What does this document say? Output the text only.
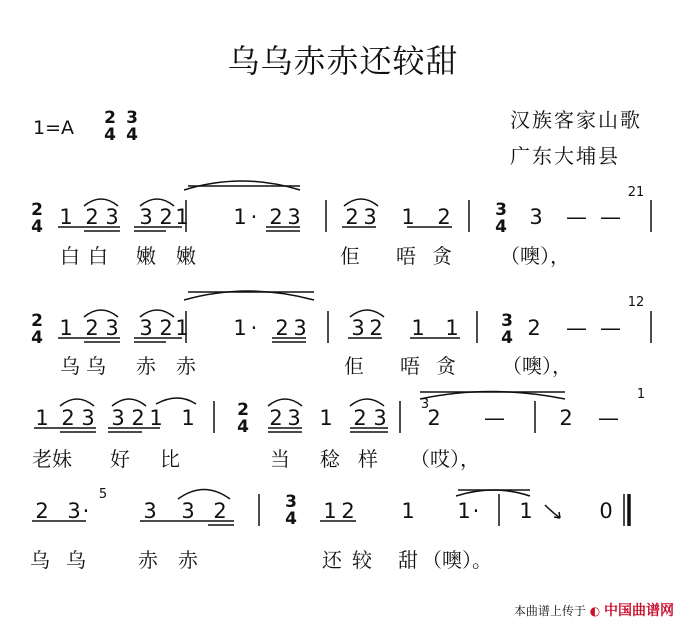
乌乌赤赤还较甜
1=A 2
4
3
4
汉族客家山歌
广东大埔县
2
4 1 2 3 3 2 1 1 · 2 3 2 3 1 2	3
4 3 — —
21
白 白 嫩 嫩	佢 唔 贪 （噢），
2
4 1 2 3 3 2 1 1 · 2 3 3 2 1 1 3
4 2 — —
12
乌 乌 赤 赤	佢 唔 贪 （噢），
1 2 3 3 2 1 1 2
4 2 3 1 2 3
3
2 —	2 —
1
老妹 好 比	当 稔 样 （哎），
2 3 ·
5
3 3 2	3
4 1 2 1 1 · 1	0
乌 乌	赤 赤	还 较 甜 （噢）。
本曲谱上传于 ◐ 中国曲谱网
